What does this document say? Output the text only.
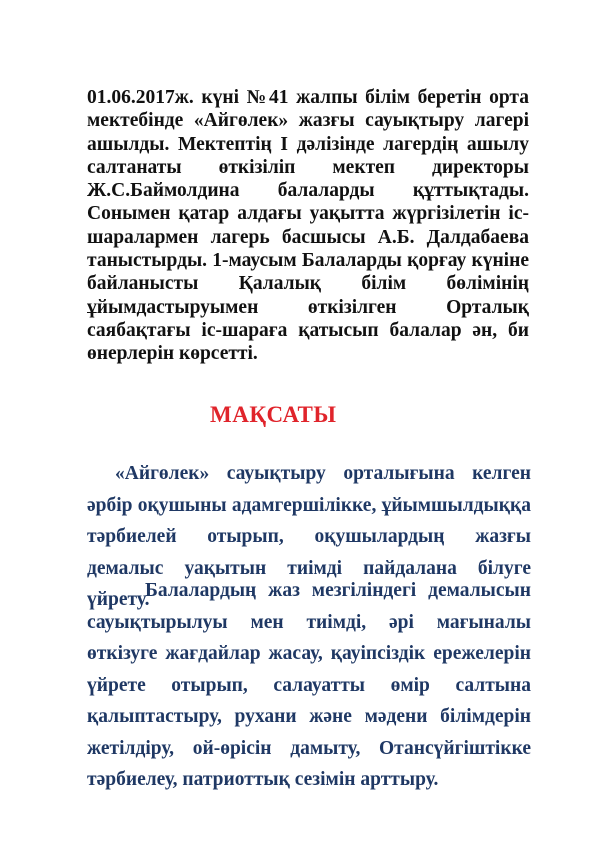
01.06.2017ж. күні №41 жалпы білім беретін орта мектебінде «Айгөлек» жазғы сауықтыру лагері ашылды. Мектептің І дәлізінде лагердің ашылу салтанаты өткізіліп мектеп директоры Ж.С.Баймолдина балаларды құттықтады. Сонымен қатар алдағы уақытта жүргізілетін іс-шаралармен лагерь басшысы А.Б. Далдабаева таныстырды. 1-маусым Балаларды қорғау күніне байланысты Қалалық білім бөлімінің ұйымдастыруымен өткізілген Орталық саябақтағы іс-шараға қатысып балалар ән, би өнерлерін көрсетті.

МАҚСАТЫ

«Айгөлек» сауықтыру орталығына келген әрбір оқушыны адамгершілікке, ұйымшылдыққа тәрбиелей отырып, оқушылардың жазғы демалыс уақытын тиімді пайдалана білуге үйрету.

Балалардың жаз мезгіліндегі демалысын сауықтырылуы мен тиімді, әрі мағыналы өткізуге жағдайлар жасау, қауіпсіздік ережелерін үйрете отырып, салауатты өмір салтына қалыптастыру, рухани және мәдени білімдерін жетілдіру, ой-өрісін дамыту, Отансүйгіштікке тәрбиелеу, патриоттық сезімін арттыру.
